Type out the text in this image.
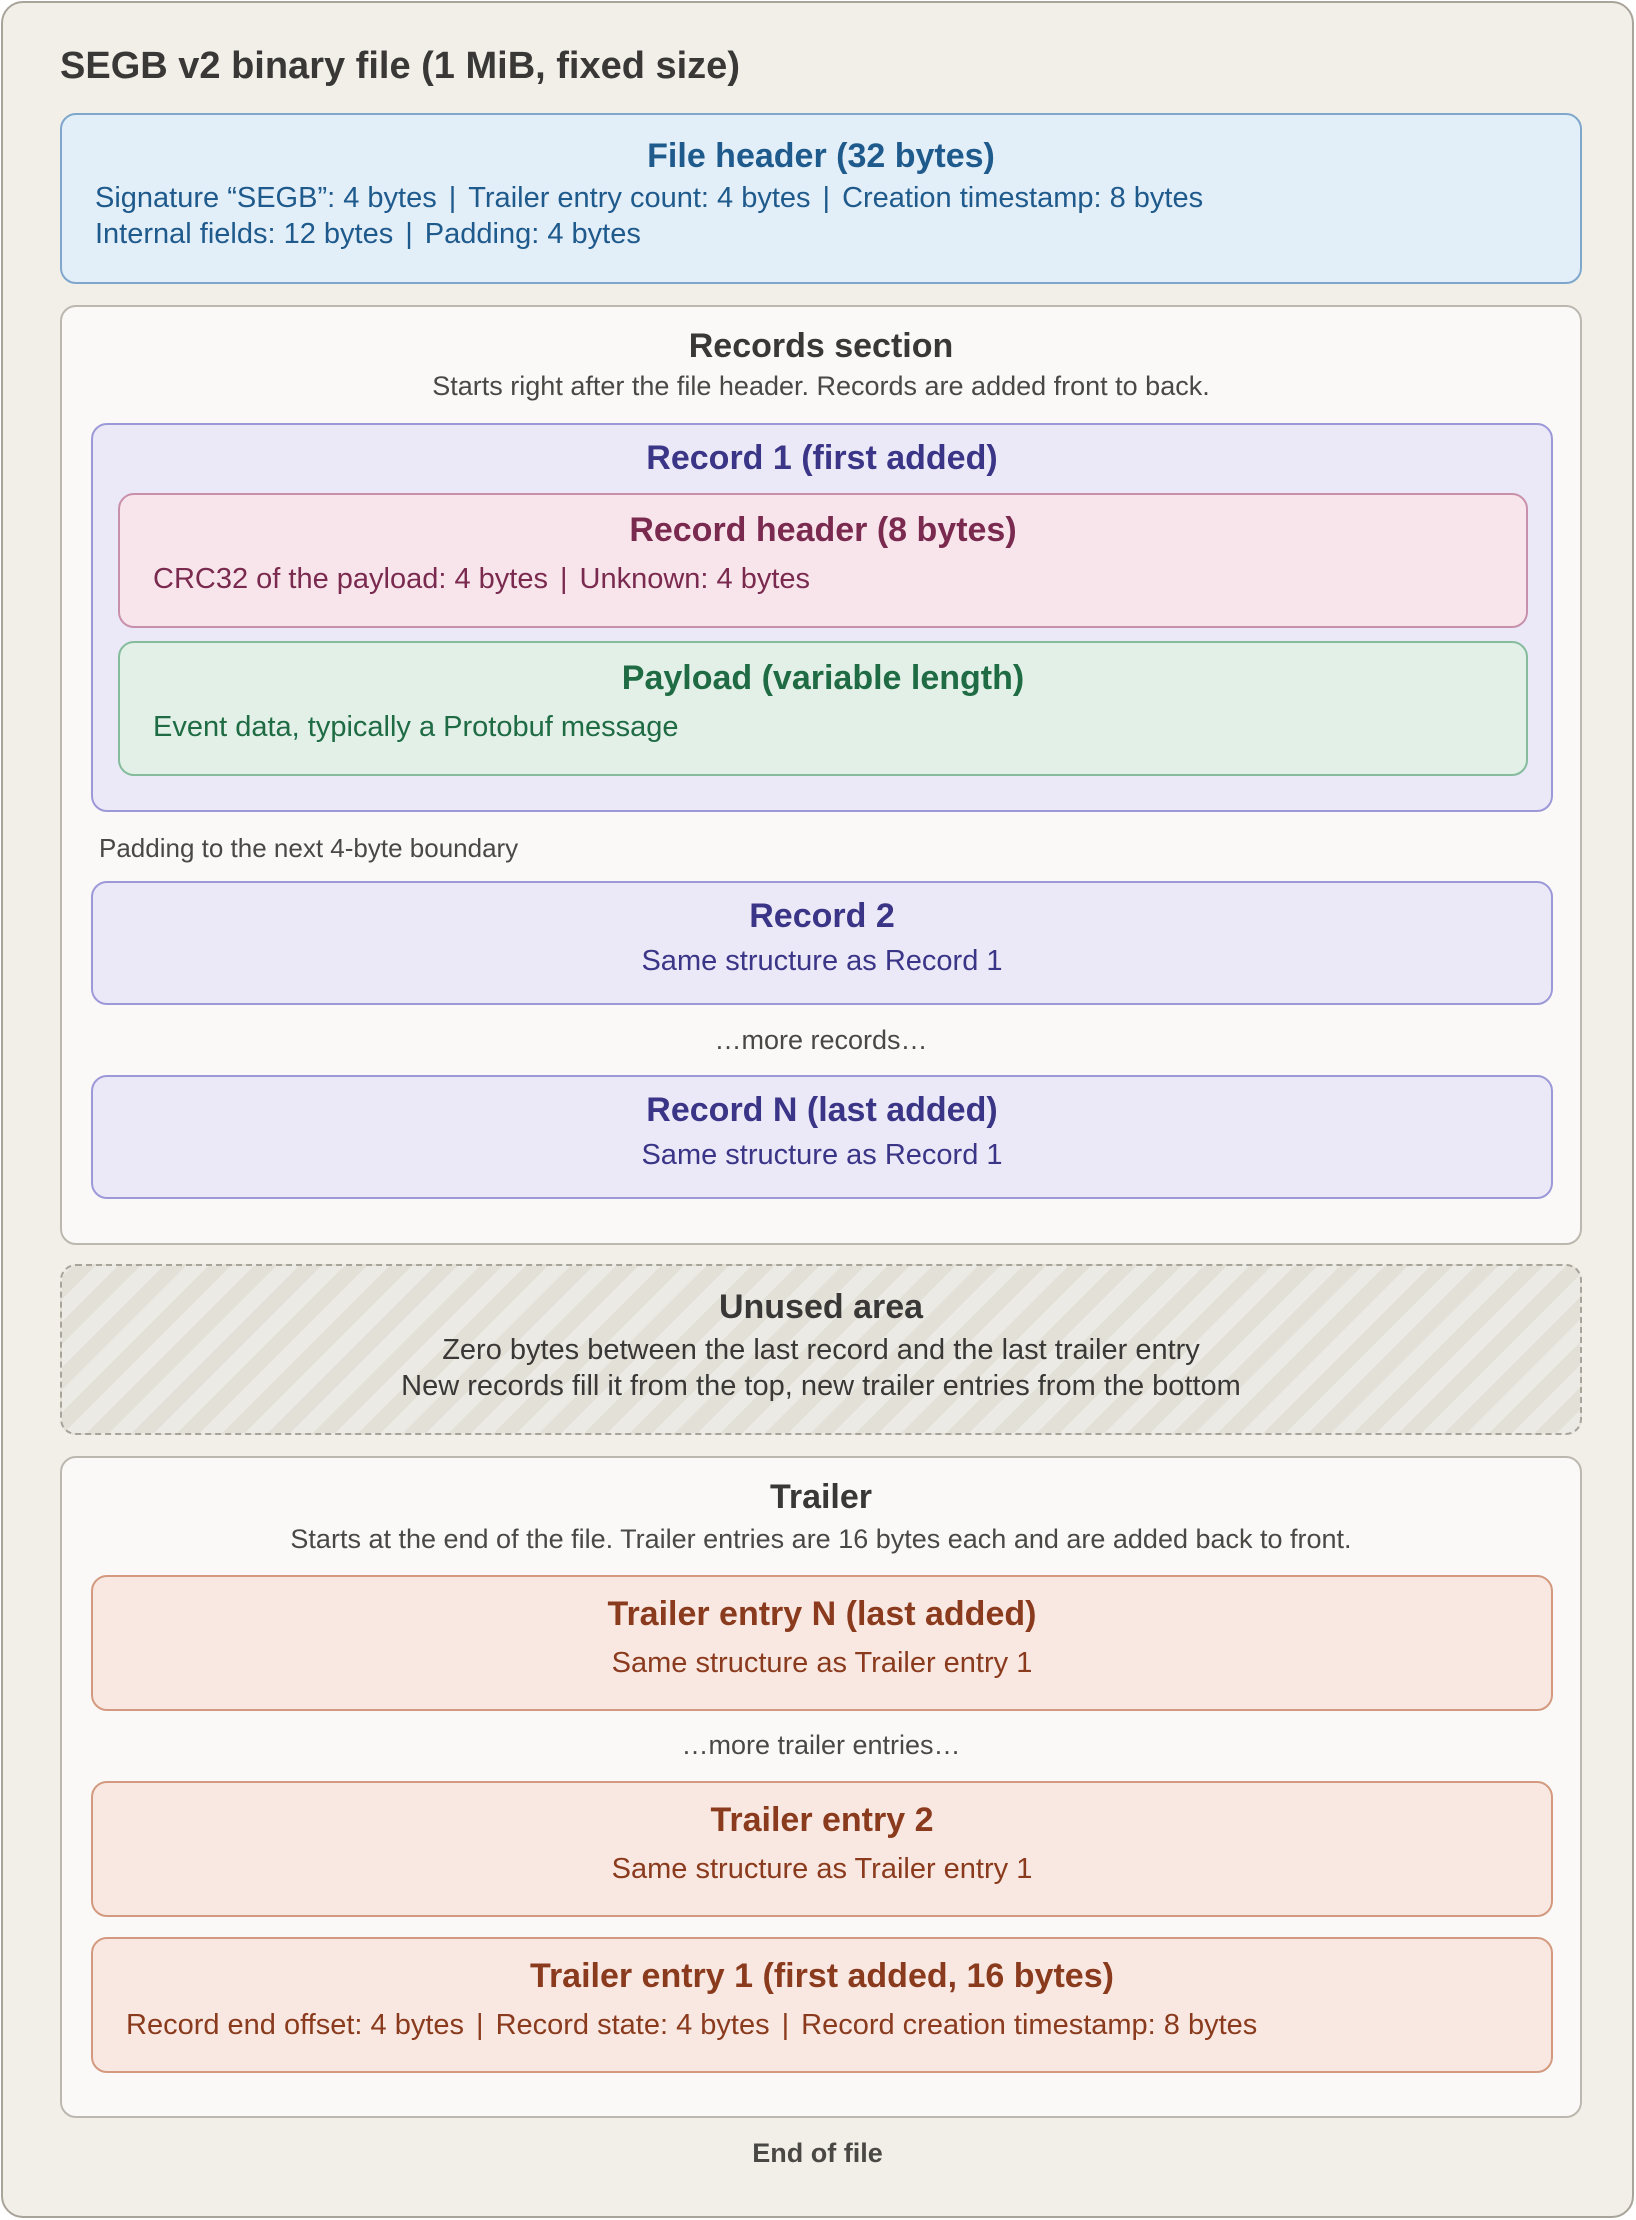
SEGB v2 binary file (1 MiB, fixed size)
File header (32 bytes)
Signature “SEGB”: 4 bytes | Trailer entry count: 4 bytes | Creation timestamp: 8 bytes
Internal fields: 12 bytes | Padding: 4 bytes
Records section
Starts right after the file header. Records are added front to back.
Record 1 (first added)
Record header (8 bytes)
CRC32 of the payload: 4 bytes | Unknown: 4 bytes
Payload (variable length)
Event data, typically a Protobuf message
Padding to the next 4-byte boundary
Record 2
Same structure as Record 1
…more records…
Record N (last added)
Same structure as Record 1
Unused area
Zero bytes between the last record and the last trailer entry
New records fill it from the top, new trailer entries from the bottom
Trailer
Starts at the end of the file. Trailer entries are 16 bytes each and are added back to front.
Trailer entry N (last added)
Same structure as Trailer entry 1
…more trailer entries…
Trailer entry 2
Same structure as Trailer entry 1
Trailer entry 1 (first added, 16 bytes)
Record end offset: 4 bytes | Record state: 4 bytes | Record creation timestamp: 8 bytes
End of file
